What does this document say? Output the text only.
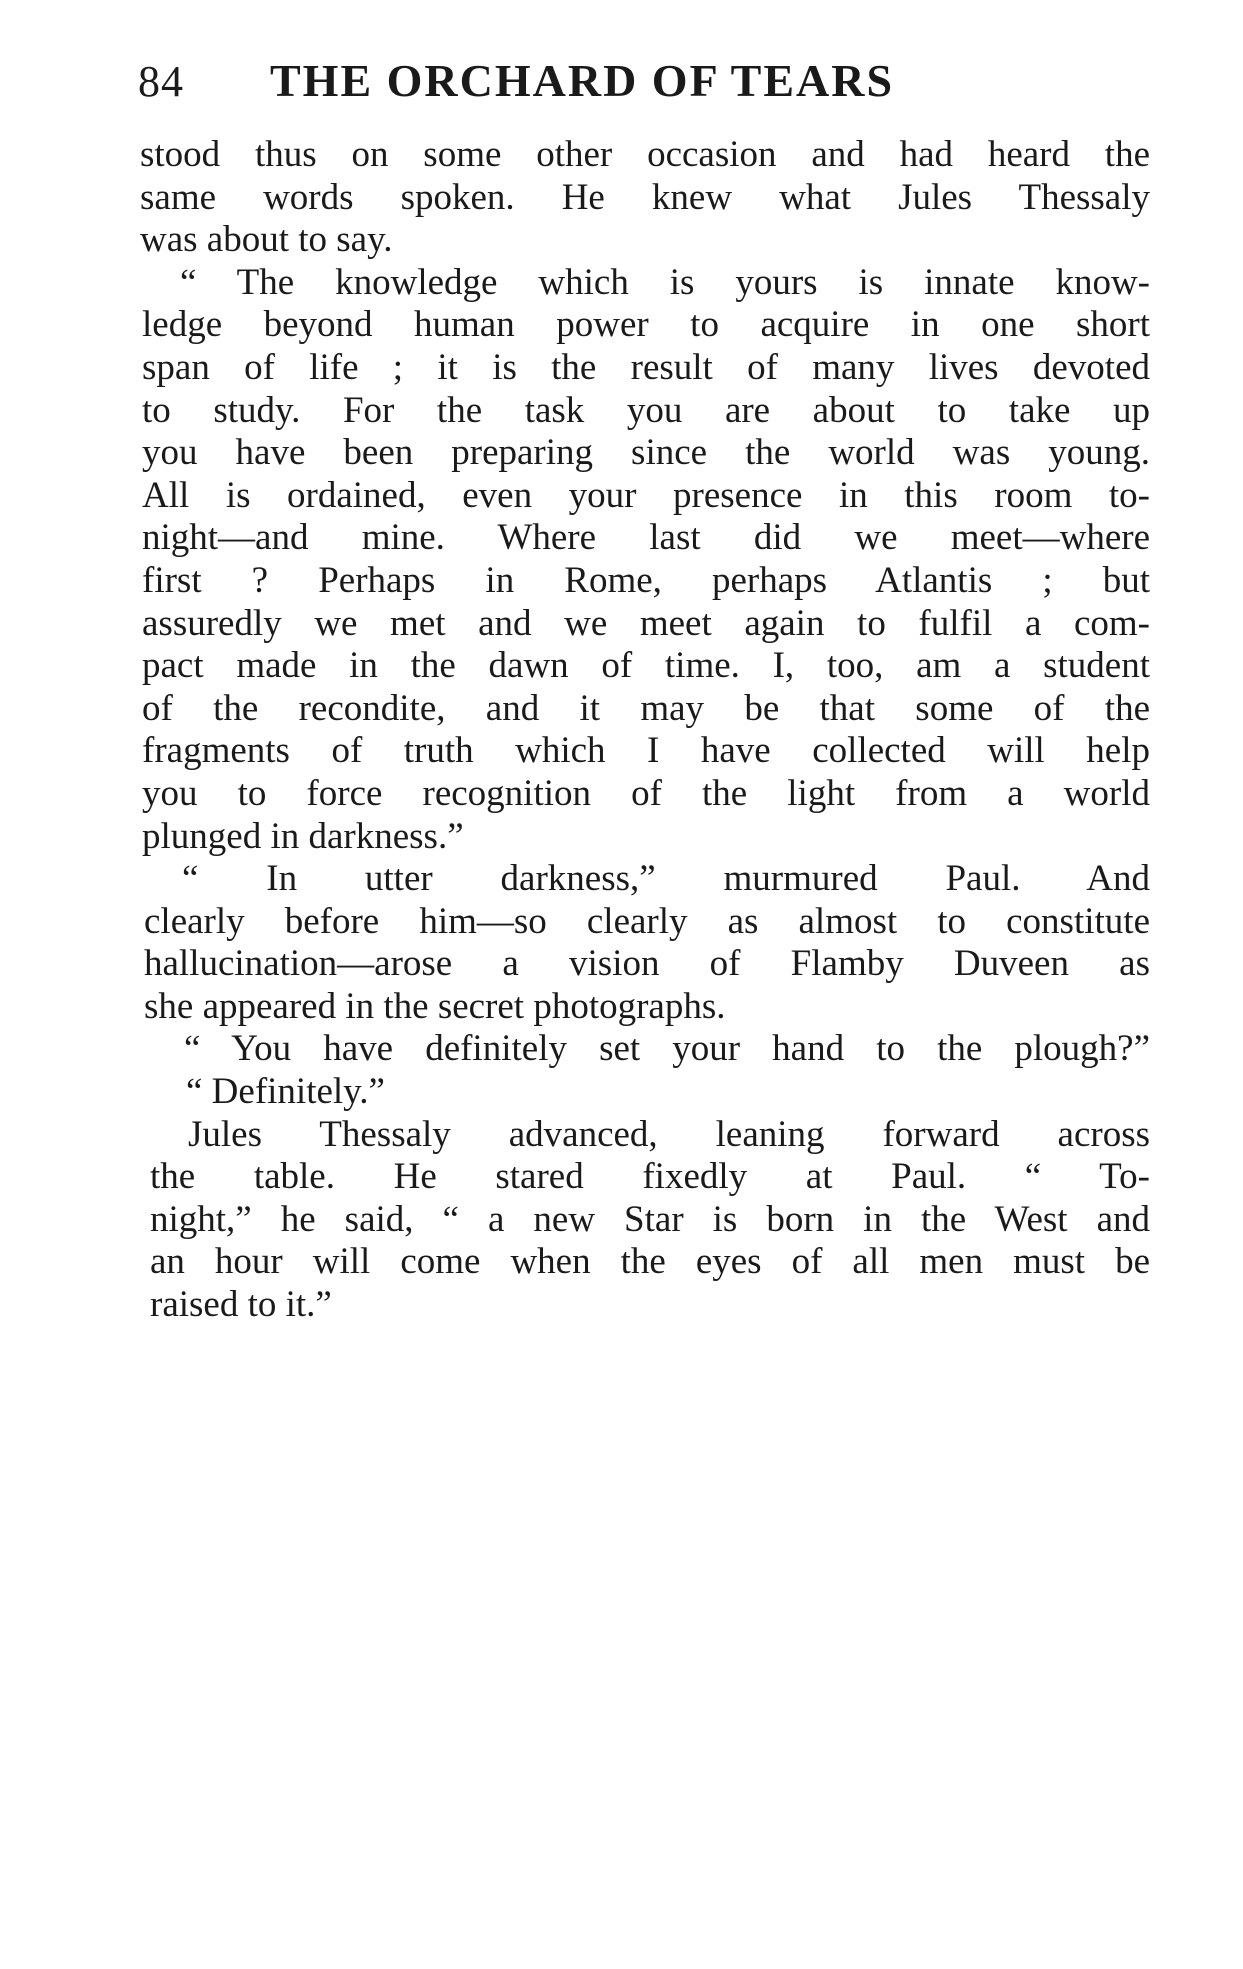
84 THE ORCHARD OF TEARS
stood thus on some other occasion and had heard the
same words spoken. He knew what Jules Thessaly
was about to say.
“ The knowledge which is yours is innate know-
ledge beyond human power to acquire in one short
span of life ; it is the result of many lives devoted
to study. For the task you are about to take up
you have been preparing since the world was young.
All is ordained, even your presence in this room to-
night—and mine. Where last did we meet—where
first ? Perhaps in Rome, perhaps Atlantis ; but
assuredly we met and we meet again to fulfil a com-
pact made in the dawn of time. I, too, am a student
of the recondite, and it may be that some of the
fragments of truth which I have collected will help
you to force recognition of the light from a world
plunged in darkness.”
“ In utter darkness,” murmured Paul. And
clearly before him—so clearly as almost to constitute
hallucination—arose a vision of Flamby Duveen as
she appeared in the secret photographs.
“ You have definitely set your hand to the plough?”
“ Definitely.”
Jules Thessaly advanced, leaning forward across
the table. He stared fixedly at Paul. “ To-
night,” he said, “ a new Star is born in the West and
an hour will come when the eyes of all men must be
raised to it.”
